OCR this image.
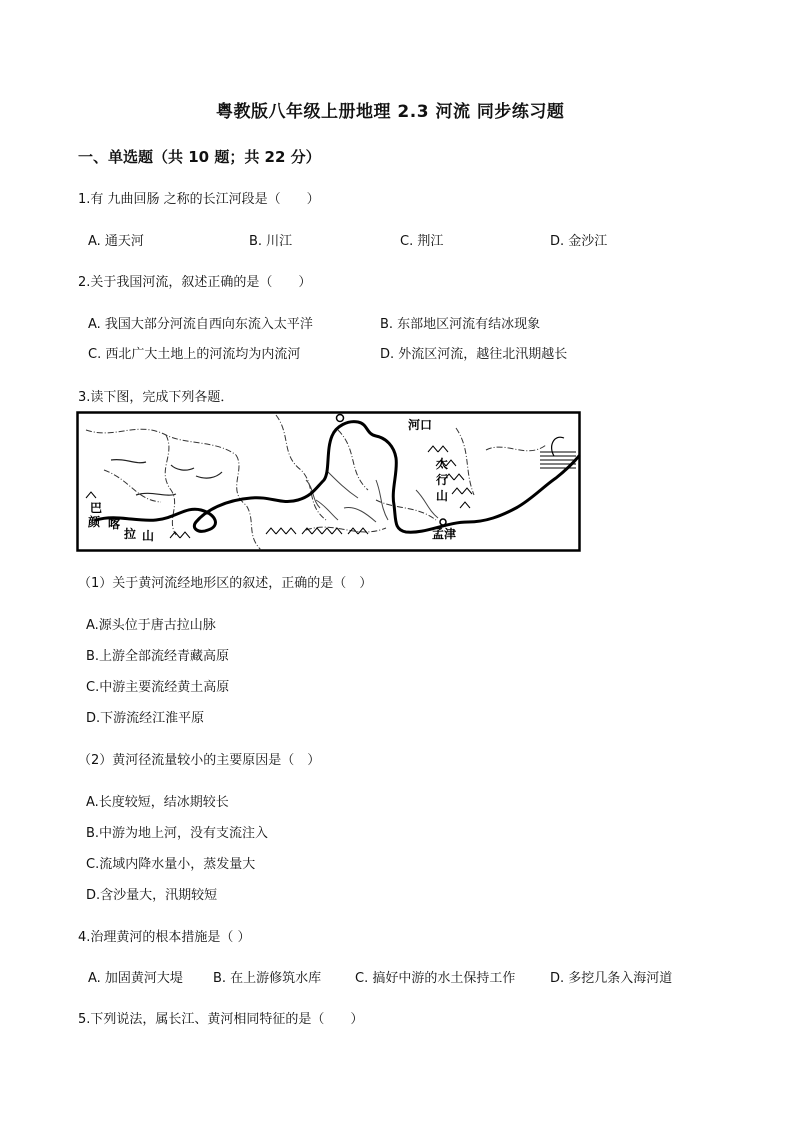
粤教版八年级上册地理 2.3 河流 同步练习题
一、单选题（共 10 题；共 22 分）
1.有 九曲回肠 之称的长江河段是（　　）
A. 通天河	B. 川江	C. 荆江	D. 金沙江
2.关于我国河流，叙述正确的是（　　）
A. 我国大部分河流自西向东流入太平洋	B. 东部地区河流有结冰现象
C. 西北广大土地上的河流均为内流河	D. 外流区河流，越往北汛期越长
3.读下图，完成下列各题．
河口
太
行
山
孟津
巴
颜 喀
拉 山
（1）关于黄河流经地形区的叙述，正确的是（　）
A.源头位于唐古拉山脉
B.上游全部流经青藏高原
C.中游主要流经黄土高原
D.下游流经江淮平原
（2）黄河径流量较小的主要原因是（　）
A.长度较短，结冰期较长
B.中游为地上河，没有支流注入
C.流域内降水量小，蒸发量大
D.含沙量大，汛期较短
4.治理黄河的根本措施是（ ）
A. 加固黄河大堤 B. 在上游修筑水库	C. 搞好中游的水土保持工作	D. 多挖几条入海河道
5.下列说法，属长江、黄河相同特征的是（　　）
